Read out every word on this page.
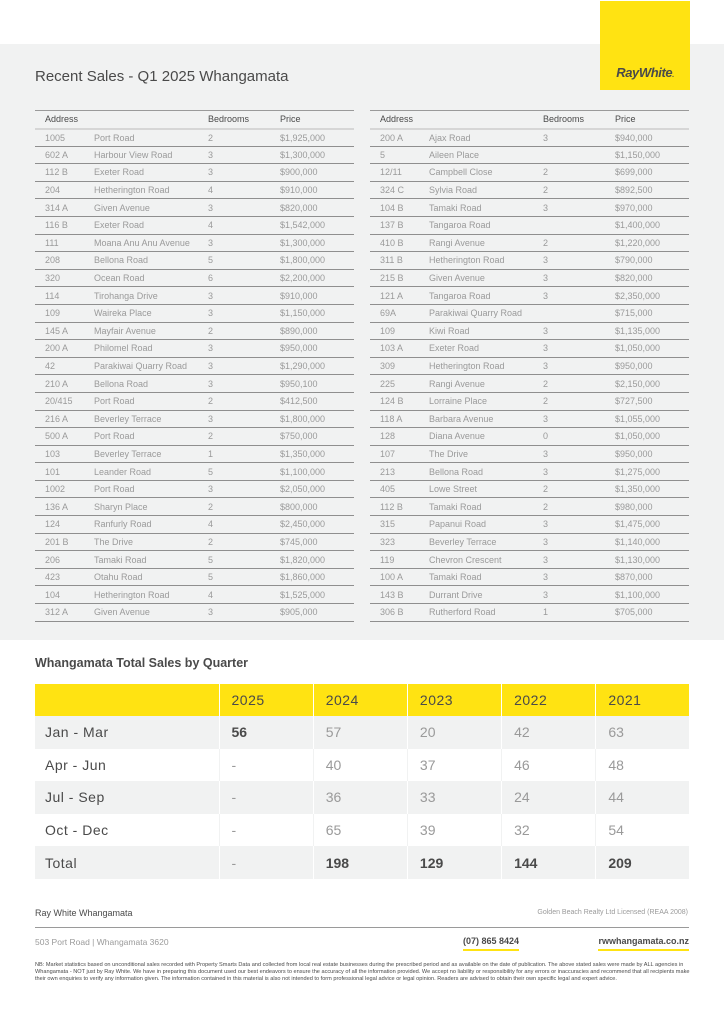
RayWhite.
Recent Sales - Q1 2025 Whangamata
Address		Bedrooms	Price
1005	Port Road	2	$1,925,000
602 A	Harbour View Road	3	$1,300,000
112 B	Exeter Road	3	$900,000
204	Hetherington Road	4	$910,000
314 A	Given Avenue	3	$820,000
116 B	Exeter Road	4	$1,542,000
111	Moana Anu Anu Avenue	3	$1,300,000
208	Bellona Road	5	$1,800,000
320	Ocean Road	6	$2,200,000
114	Tirohanga Drive	3	$910,000
109	Waireka Place	3	$1,150,000
145 A	Mayfair Avenue	2	$890,000
200 A	Philomel Road	3	$950,000
42	Parakiwai Quarry Road	3	$1,290,000
210 A	Bellona Road	3	$950,100
20/415	Port Road	2	$412,500
216 A	Beverley Terrace	3	$1,800,000
500 A	Port Road	2	$750,000
103	Beverley Terrace	1	$1,350,000
101	Leander Road	5	$1,100,000
1002	Port Road	3	$2,050,000
136 A	Sharyn Place	2	$800,000
124	Ranfurly Road	4	$2,450,000
201 B	The Drive	2	$745,000
206	Tamaki Road	5	$1,820,000
423	Otahu Road	5	$1,860,000
104	Hetherington Road	4	$1,525,000
312 A	Given Avenue	3	$905,000
Address		Bedrooms	Price
200 A	Ajax Road	3	$940,000
5	Aileen Place		$1,150,000
12/11	Campbell Close	2	$699,000
324 C	Sylvia Road	2	$892,500
104 B	Tamaki Road	3	$970,000
137 B	Tangaroa Road		$1,400,000
410 B	Rangi Avenue	2	$1,220,000
311 B	Hetherington Road	3	$790,000
215 B	Given Avenue	3	$820,000
121 A	Tangaroa Road	3	$2,350,000
69A	Parakiwai Quarry Road		$715,000
109	Kiwi Road	3	$1,135,000
103 A	Exeter Road	3	$1,050,000
309	Hetherington Road	3	$950,000
225	Rangi Avenue	2	$2,150,000
124 B	Lorraine Place	2	$727,500
118 A	Barbara Avenue	3	$1,055,000
128	Diana Avenue	0	$1,050,000
107	The Drive	3	$950,000
213	Bellona Road	3	$1,275,000
405	Lowe Street	2	$1,350,000
112 B	Tamaki Road	2	$980,000
315	Papanui Road	3	$1,475,000
323	Beverley Terrace	3	$1,140,000
119	Chevron Crescent	3	$1,130,000
100 A	Tamaki Road	3	$870,000
143 B	Durrant Drive	3	$1,100,000
306 B	Rutherford Road	1	$705,000
Whangamata Total Sales by Quarter
	2025	2024	2023	2022	2021
Jan - Mar	56	57	20	42	63
Apr - Jun	-	40	37	46	48
Jul - Sep	-	36	33	24	44
Oct - Dec	-	65	39	32	54
Total	-	198	129	144	209
Ray White Whangamata	Golden Beach Realty Ltd Licensed (REAA 2008)
503 Port Road | Whangamata 3620	(07) 865 8424	rwwhangamata.co.nz

NB: Market statistics based on unconditional sales recorded with Property Smarts Data and collected from local real estate businesses during the prescribed period and as available on the date of publication. The above stated sales were made by ALL agencies in Whangamata - NOT just by Ray White. We have in preparing this document used our best endeavors to ensure the accuracy of all the information provided. We accept no liability or responsibility for any errors or inaccuracies and recommend that all recipients make their own enquiries to verify any information given. The information contained in this material is also not intended to form professional legal advice or legal opinion. Readers are advised to obtain their own specific legal and expert advice.
